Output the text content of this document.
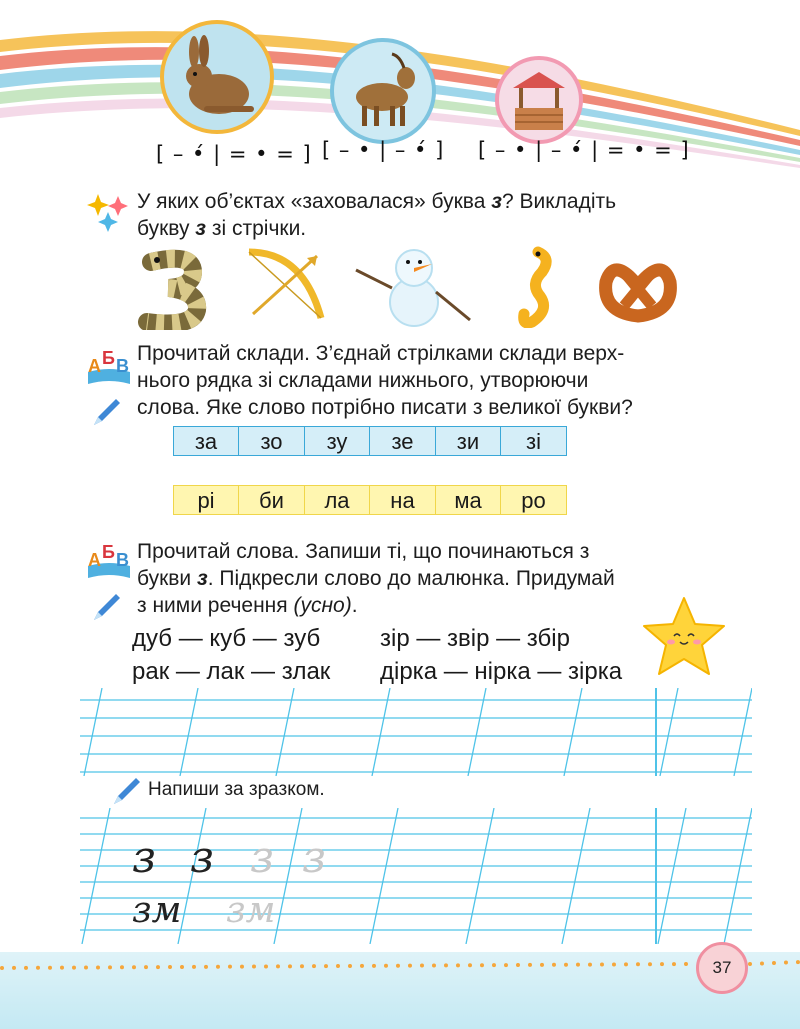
[ – •́ | = • = ] [ – • | – •́ ] [ – • | – •́ | = • = ]
У яких об’єктах «заховалася» буква з? Викладіть
букву з зі стрічки.
А Б В
Прочитай склади. З’єднай стрілками склади верх-
нього рядка зі складами нижнього, утворюючи
слова. Яке слово потрібно писати з великої букви?
за	зо	зу	зе	зи	зі
рі	би	ла	на	ма	ро
А Б В Прочитай слова. Запиши ті, що починаються з
букви з. Підкресли слово до малюнка. Придумай
з ними речення (усно).
дуб — куб — зуб зір — звір — збір
рак — лак — злак дірка — нірка — зірка
Напиши за зразком.
з з з з
зм зм
37
